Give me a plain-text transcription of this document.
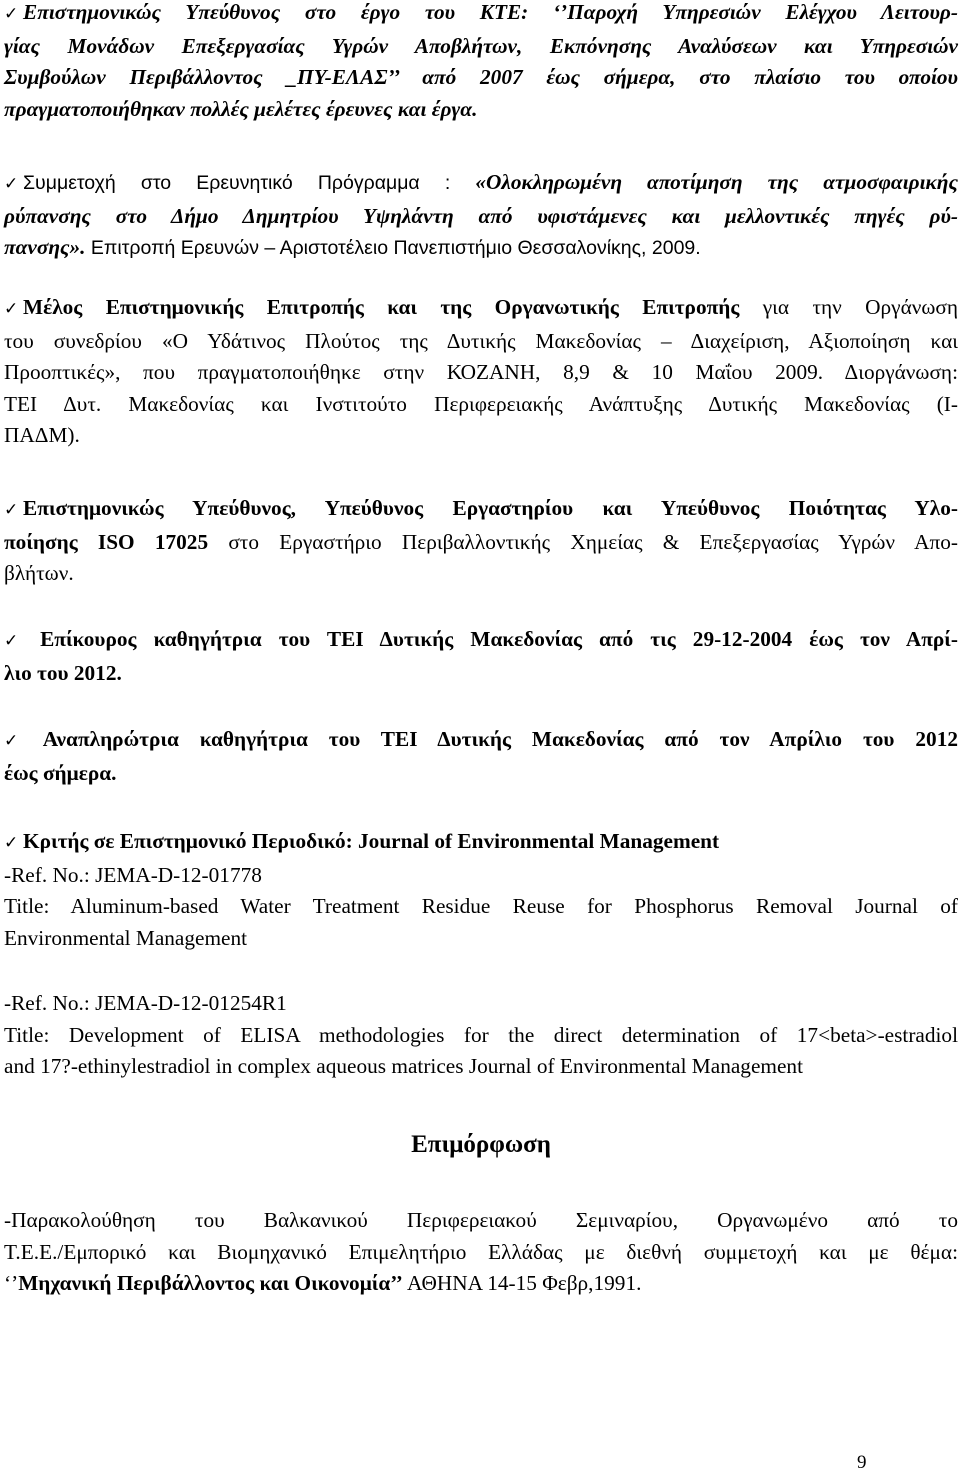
✓ Επιστημονικώς Υπεύθυνος στο έργο του ΚΤΕ: ‘’Παροχή Υπηρεσιών Ελέγχου Λειτουρ-
γίας Μονάδων Επεξεργασίας Υγρών Αποβλήτων, Εκπόνησης Αναλύσεων και Υπηρεσιών
Συμβούλων Περιβάλλοντος _ΠΥ-ΕΛΑΣ’’ από 2007 έως σήμερα, στο πλαίσιο του οποίου
πραγματοποιήθηκαν πολλές μελέτες έρευνες και έργα.
✓ Συμμετοχή στο Ερευνητικό Πρόγραμμα : «Ολοκληρωμένη αποτίμηση της ατμοσφαιρικής
ρύπανσης στο Δήμο Δημητρίου Υψηλάντη από υφιστάμενες και μελλοντικές πηγές ρύ-
πανσης». Επιτροπή Ερευνών – Αριστοτέλειο Πανεπιστήμιο Θεσσαλονίκης, 2009.
✓ Μέλος Επιστημονικής Επιτροπής και της Οργανωτικής Επιτροπής για την Οργάνωση
του συνεδρίου «Ο Υδάτινος Πλούτος της Δυτικής Μακεδονίας – Διαχείριση, Αξιοποίηση και
Προοπτικές», που πραγματοποιήθηκε στην ΚΟΖΑΝΗ, 8,9 & 10 Μαΐου 2009. Διοργάνωση:
ΤΕΙ Δυτ. Μακεδονίας και Ινστιτούτο Περιφερειακής Ανάπτυξης Δυτικής Μακεδονίας (Ι-
ΠΑΔΜ).
✓ Επιστημονικώς Υπεύθυνος, Υπεύθυνος Εργαστηρίου και Υπεύθυνος Ποιότητας Υλο-
ποίησης ISO 17025 στο Εργαστήριο Περιβαλλοντικής Χημείας & Επεξεργασίας Υγρών Απο-
βλήτων.
✓ Επίκουρος καθηγήτρια του ΤΕΙ Δυτικής Μακεδονίας από τις 29-12-2004 έως τον Απρί-
λιο του 2012.
✓ Αναπληρώτρια καθηγήτρια του ΤΕΙ Δυτικής Μακεδονίας από τον Απρίλιο του 2012
έως σήμερα.
✓ Κριτής σε Επιστημονικό Περιοδικό: Journal of Environmental Management
-Ref. No.: JEMA-D-12-01778
Title: Aluminum-based Water Treatment Residue Reuse for Phosphorus Removal Journal of
Environmental Management
-Ref. No.: JEMA-D-12-01254R1
Title: Development of ELISA methodologies for the direct determination of 17<beta>-estradiol
and 17?-ethinylestradiol in complex aqueous matrices Journal of Environmental Management
Επιμόρφωση
-Παρακολούθηση του Βαλκανικού Περιφερειακού Σεμιναρίου, Οργανωμένο από το
Τ.Ε.Ε./Εμπορικό και Βιομηχανικό Επιμελητήριο Ελλάδας με διεθνή συμμετοχή και με θέμα:
‘’Μηχανική Περιβάλλοντος και Οικονομία’’ ΑΘΗΝΑ 14-15 Φεβρ,1991.
9
